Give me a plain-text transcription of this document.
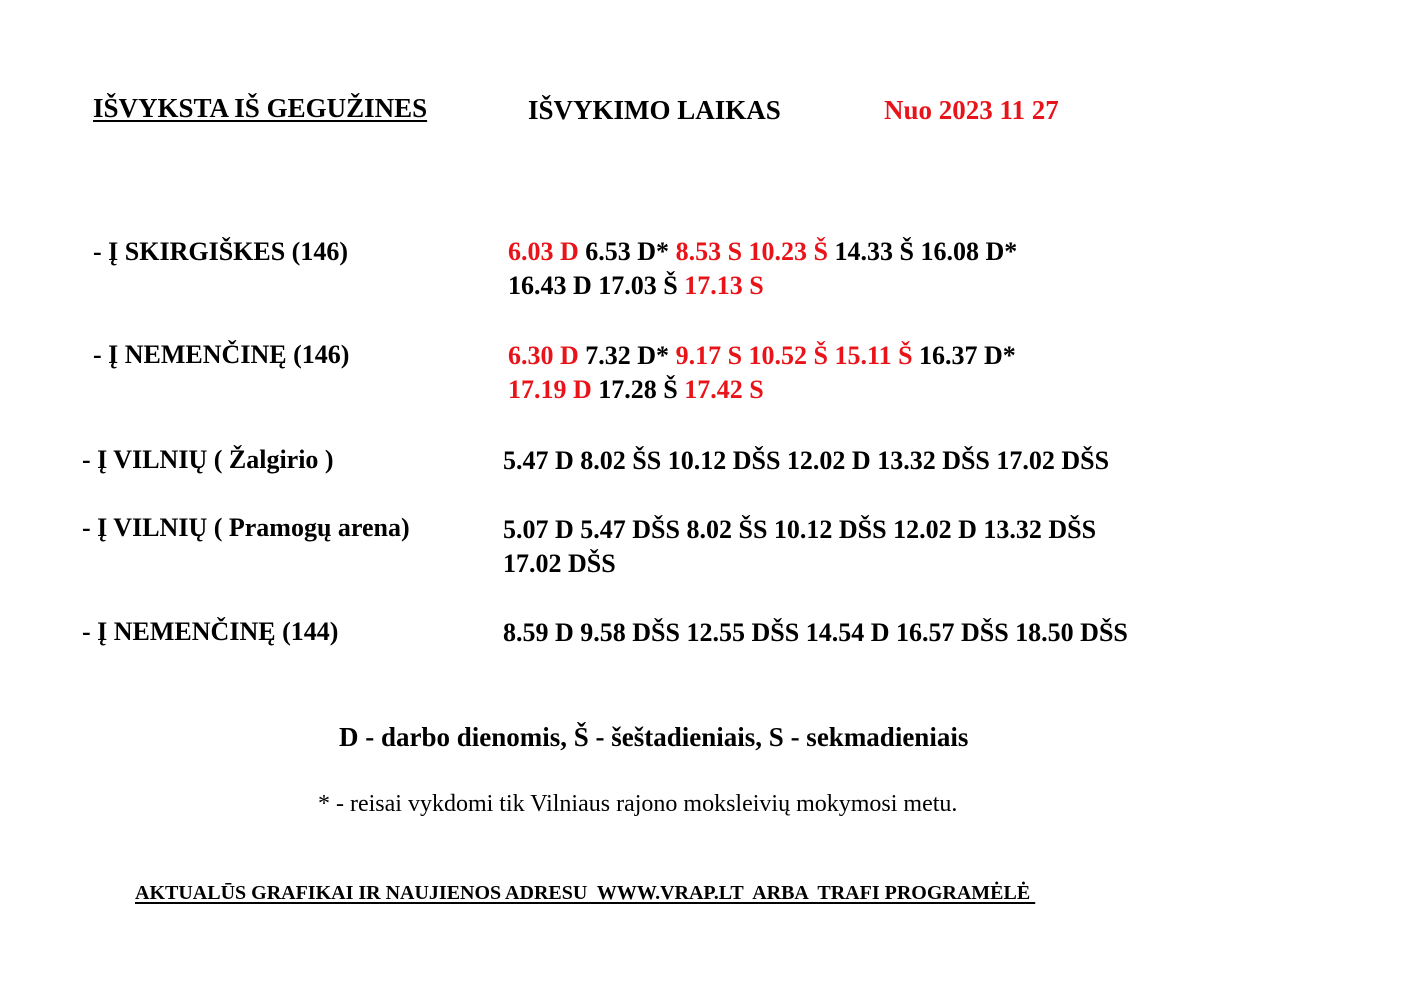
IŠVYKSTA IŠ GEGUŽINES	IŠVYKIMO LAIKAS	Nuo 2023 11 27
- Į SKIRGIŠKES (146)	6.03 D 6.53 D* 8.53 S 10.23 Š 14.33 Š 16.08 D*
16.43 D 17.03 Š 17.13 S
- Į NEMENČINĘ (146)	6.30 D 7.32 D* 9.17 S 10.52 Š 15.11 Š 16.37 D*
17.19 D 17.28 Š 17.42 S
- Į VILNIŲ ( Žalgirio )	5.47 D 8.02 ŠS 10.12 DŠS 12.02 D 13.32 DŠS 17.02 DŠS
- Į VILNIŲ ( Pramogų arena)	5.07 D 5.47 DŠS 8.02 ŠS 10.12 DŠS 12.02 D 13.32 DŠS
17.02 DŠS
- Į NEMENČINĘ (144)	8.59 D 9.58 DŠS 12.55 DŠS 14.54 D 16.57 DŠS 18.50 DŠS
D - darbo dienomis, Š - šeštadieniais, S - sekmadieniais
* - reisai vykdomi tik Vilniaus rajono moksleivių mokymosi metu.
AKTUALŪS GRAFIKAI IR NAUJIENOS ADRESU  WWW.VRAP.LT  ARBA  TRAFI PROGRAMĖLĖ
